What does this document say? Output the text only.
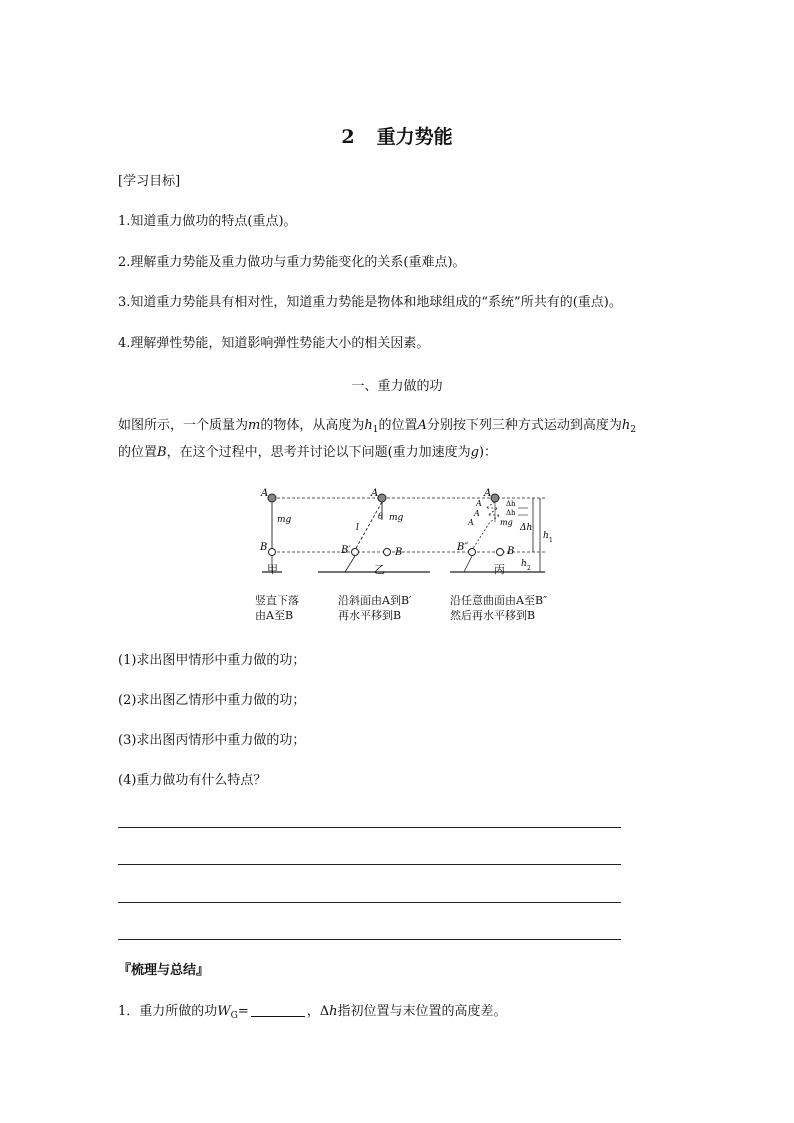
2 重力势能
[学习目标]
1.知道重力做功的特点(重点)。
2.理解重力势能及重力做功与重力势能变化的关系(重难点)。
3.知道重力势能具有相对性，知道重力势能是物体和地球组成的“系统”所共有的(重点)。
4.理解弹性势能，知道影响弹性势能大小的相关因素。
一、重力做的功
如图所示，一个质量为m的物体，从高度为$h_1$的位置A分别按下列三种方式运动到高度为$h_2$
的位置B，在这个过程中，思考并讨论以下问题(重力加速度为g)：
A
mg
B
A
mg
θ
l
B′	B
A
mg
A
A
A
Δh
Δh
B″	B
Δh
h 1
h 2
甲	乙	丙
竖直下落
由A至B
沿斜面由A到B′
再水平移到B
沿任意曲面由A至B″
然后再水平移到B
(1)求出图甲情形中重力做的功；
(2)求出图乙情形中重力做的功；
(3)求出图丙情形中重力做的功；
(4)重力做功有什么特点？
『梳理与总结』
1．重力所做的功$W_G=$	，Δh指初位置与末位置的高度差。
